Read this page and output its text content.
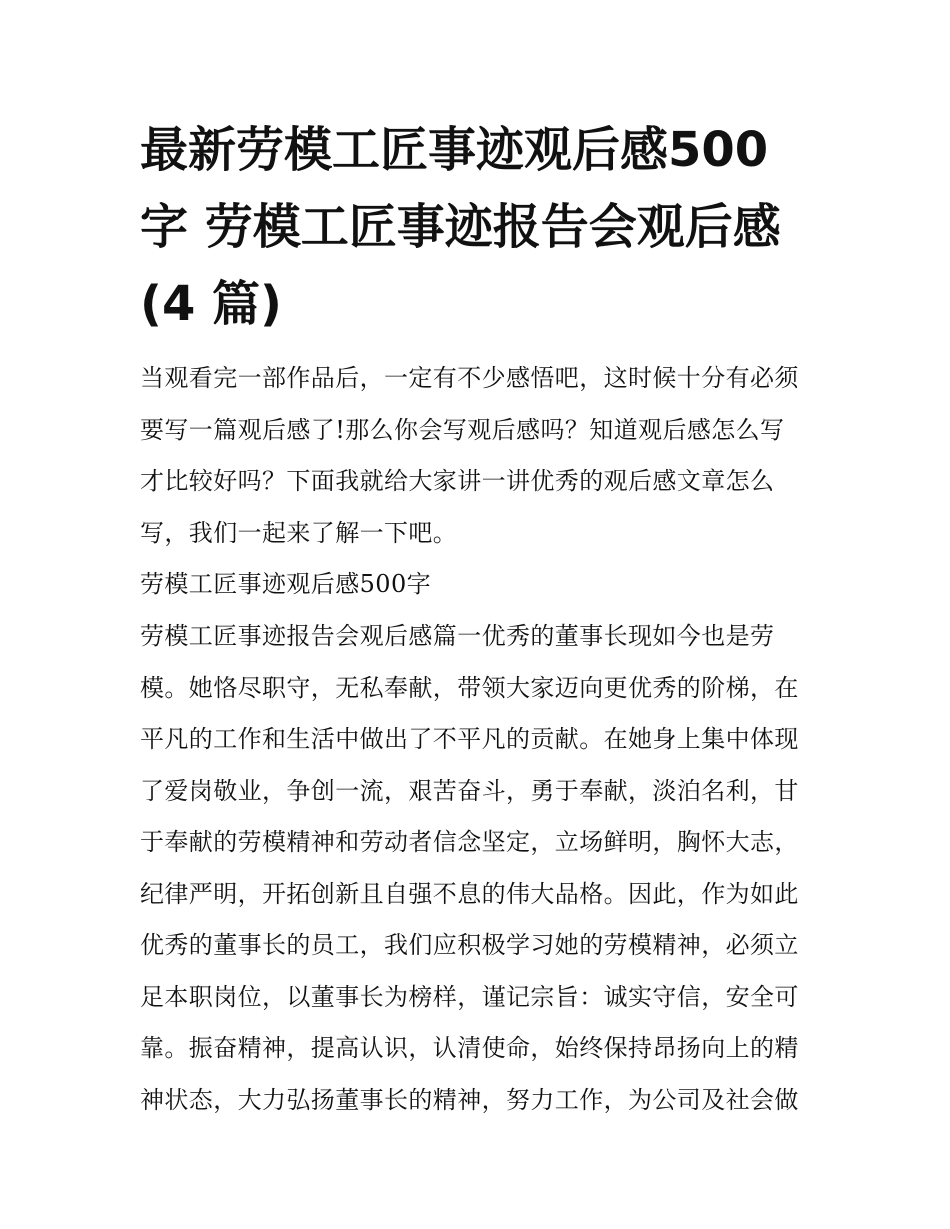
最新劳模工匠事迹观后感500
字 劳模工匠事迹报告会观后感
(4 篇)

当观看完一部作品后，一定有不少感悟吧，这时候十分有必须
要写一篇观后感了!那么你会写观后感吗？知道观后感怎么写
才比较好吗？下面我就给大家讲一讲优秀的观后感文章怎么
写，我们一起来了解一下吧。

劳模工匠事迹观后感500字

劳模工匠事迹报告会观后感篇一优秀的董事长现如今也是劳
模。她恪尽职守，无私奉献，带领大家迈向更优秀的阶梯，在
平凡的工作和生活中做出了不平凡的贡献。在她身上集中体现
了爱岗敬业，争创一流，艰苦奋斗，勇于奉献，淡泊名利，甘
于奉献的劳模精神和劳动者信念坚定，立场鲜明，胸怀大志，
纪律严明，开拓创新且自强不息的伟大品格。因此，作为如此
优秀的董事长的员工，我们应积极学习她的劳模精神，必须立
足本职岗位，以董事长为榜样，谨记宗旨：诚实守信，安全可
靠。振奋精神，提高认识，认清使命，始终保持昂扬向上的精
神状态，大力弘扬董事长的精神，努力工作，为公司及社会做
